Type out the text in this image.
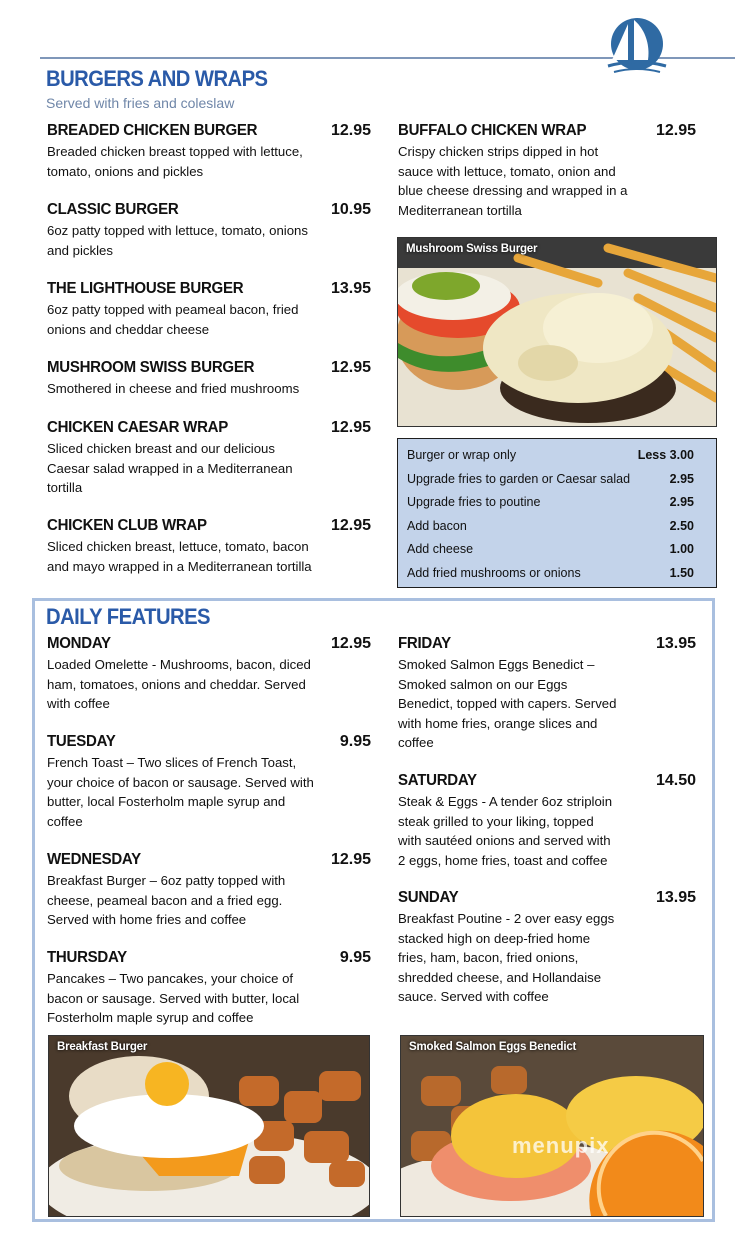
BURGERS AND WRAPS
Served with fries and coleslaw
BREADED CHICKEN BURGER	12.95
Breaded chicken breast topped with lettuce, tomato, onions and pickles
CLASSIC BURGER	10.95
6oz patty topped with lettuce, tomato, onions and pickles
THE LIGHTHOUSE BURGER	13.95
6oz patty topped with peameal bacon, fried onions and cheddar cheese
MUSHROOM SWISS BURGER	12.95
Smothered in cheese and fried mushrooms
CHICKEN CAESAR WRAP	12.95
Sliced chicken breast and our delicious Caesar salad wrapped in a Mediterranean tortilla
CHICKEN CLUB WRAP	12.95
Sliced chicken breast, lettuce, tomato, bacon and mayo wrapped in a Mediterranean tortilla
BUFFALO CHICKEN WRAP	12.95
Crispy chicken strips dipped in hot sauce with lettuce, tomato, onion and blue cheese dressing and wrapped in a Mediterranean tortilla
Mushroom Swiss Burger
Burger or wrap only	Less 3.00
Upgrade fries to garden or Caesar salad	2.95
Upgrade fries to poutine	2.95
Add bacon	2.50
Add cheese	1.00
Add fried mushrooms or onions	1.50
DAILY FEATURES
MONDAY	12.95
Loaded Omelette - Mushrooms, bacon, diced ham, tomatoes, onions and cheddar. Served with coffee
TUESDAY	9.95
French Toast – Two slices of French Toast, your choice of bacon or sausage. Served with butter, local Fosterholm maple syrup and coffee
WEDNESDAY	12.95
Breakfast Burger – 6oz patty topped with cheese, peameal bacon and a fried egg. Served with home fries and coffee
THURSDAY	9.95
Pancakes – Two pancakes, your choice of bacon or sausage. Served with butter, local Fosterholm maple syrup and coffee
FRIDAY	13.95
Smoked Salmon Eggs Benedict – Smoked salmon on our Eggs Benedict, topped with capers. Served with home fries, orange slices and coffee
SATURDAY	14.50
Steak & Eggs - A tender 6oz striploin steak grilled to your liking, topped with sautéed onions and served with 2 eggs, home fries, toast and coffee
SUNDAY	13.95
Breakfast Poutine - 2 over easy eggs stacked high on deep-fried home fries, ham, bacon, fried onions, shredded cheese, and Hollandaise sauce. Served with coffee
Breakfast Burger	Smoked Salmon Eggs Benedict
menupix
